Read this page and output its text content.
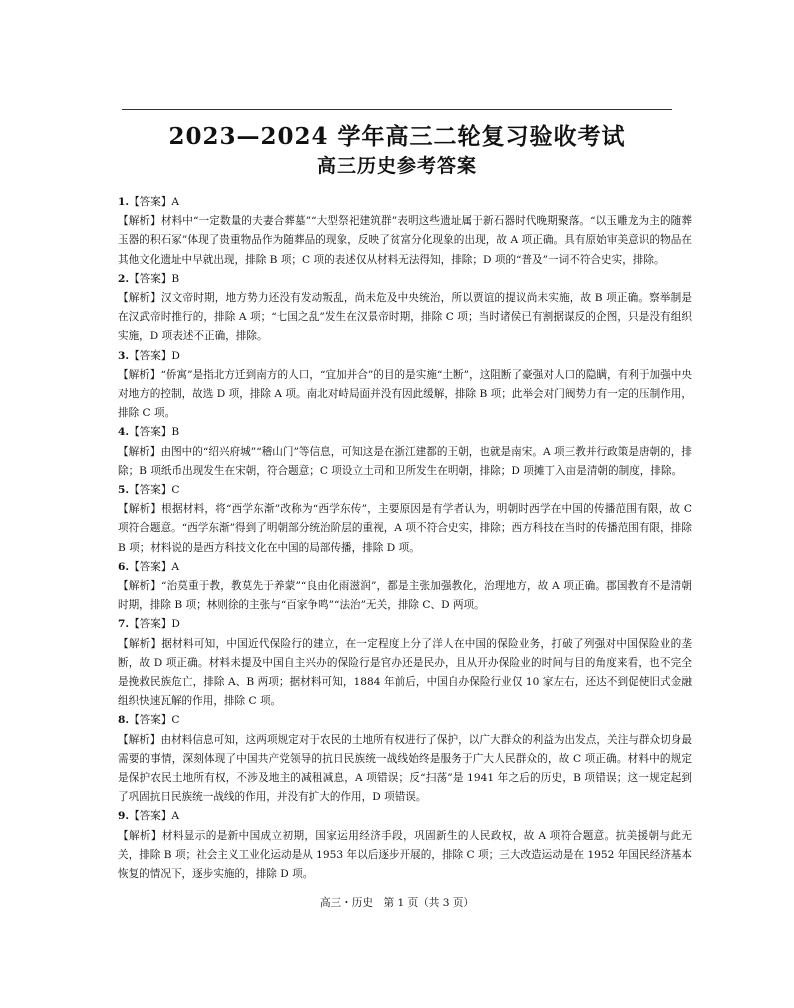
2023—2024 学年高三二轮复习验收考试
高三历史参考答案
1.【答案】A
【解析】材料中“一定数量的夫妻合葬墓”“大型祭祀建筑群”表明这些遗址属于新石器时代晚期聚落。“以玉雕龙为主的随葬玉器的积石冢”体现了贵重物品作为随葬品的现象，反映了贫富分化现象的出现，故 A 项正确。具有原始审美意识的物品在其他文化遗址中早就出现，排除 B 项；C 项的表述仅从材料无法得知，排除；D 项的“普及”一词不符合史实，排除。
2.【答案】B
【解析】汉文帝时期，地方势力还没有发动叛乱，尚未危及中央统治，所以贾谊的提议尚未实施，故 B 项正确。察举制是在汉武帝时推行的，排除 A 项；“七国之乱”发生在汉景帝时期，排除 C 项；当时诸侯已有割据谋反的企图，只是没有组织实施，D 项表述不正确，排除。
3.【答案】D
【解析】“侨寓”是指北方迁到南方的人口，“宜加并合”的目的是实施“土断”，这阻断了豪强对人口的隐瞒，有利于加强中央对地方的控制，故选 D 项，排除 A 项。南北对峙局面并没有因此缓解，排除 B 项；此举会对门阀势力有一定的压制作用，排除 C 项。
4.【答案】B
【解析】由图中的“绍兴府城”“稽山门”等信息，可知这是在浙江建都的王朝，也就是南宋。A 项三教并行政策是唐朝的，排除；B 项纸币出现发生在宋朝，符合题意；C 项设立土司和卫所发生在明朝，排除；D 项摊丁入亩是清朝的制度，排除。
5.【答案】C
【解析】根据材料，将“西学东渐”改称为“西学东传”，主要原因是有学者认为，明朝时西学在中国的传播范围有限，故 C 项符合题意。“西学东渐”得到了明朝部分统治阶层的重视，A 项不符合史实，排除；西方科技在当时的传播范围有限，排除 B 项；材料说的是西方科技文化在中国的局部传播，排除 D 项。
6.【答案】A
【解析】“治莫重于教，教莫先于养蒙”“良由化雨滋润”，都是主张加强教化，治理地方，故 A 项正确。郡国教育不是清朝时期，排除 B 项；林则徐的主张与“百家争鸣”“法治”无关，排除 C、D 两项。
7.【答案】D
【解析】据材料可知，中国近代保险行的建立，在一定程度上分了洋人在中国的保险业务，打破了列强对中国保险业的垄断，故 D 项正确。材料未提及中国自主兴办的保险行是官办还是民办，且从开办保险业的时间与目的角度来看，也不完全是挽救民族危亡，排除 A、B 两项；据材料可知，1884 年前后，中国自办保险行业仅 10 家左右，还达不到促使旧式金融组织快速瓦解的作用，排除 C 项。
8.【答案】C
【解析】由材料信息可知，这两项规定对于农民的土地所有权进行了保护，以广大群众的利益为出发点，关注与群众切身最需要的事情，深刻体现了中国共产党领导的抗日民族统一战线始终是服务于广大人民群众的，故 C 项正确。材料中的规定是保护农民土地所有权，不涉及地主的减租减息，A 项错误；反“扫荡”是 1941 年之后的历史，B 项错误；这一规定起到了巩固抗日民族统一战线的作用，并没有扩大的作用，D 项错误。
9.【答案】A
【解析】材料显示的是新中国成立初期，国家运用经济手段，巩固新生的人民政权，故 A 项符合题意。抗美援朝与此无关，排除 B 项；社会主义工业化运动是从 1953 年以后逐步开展的，排除 C 项；三大改造运动是在 1952 年国民经济基本恢复的情况下，逐步实施的，排除 D 项。
高三・历史　第 1 页（共 3 页）
